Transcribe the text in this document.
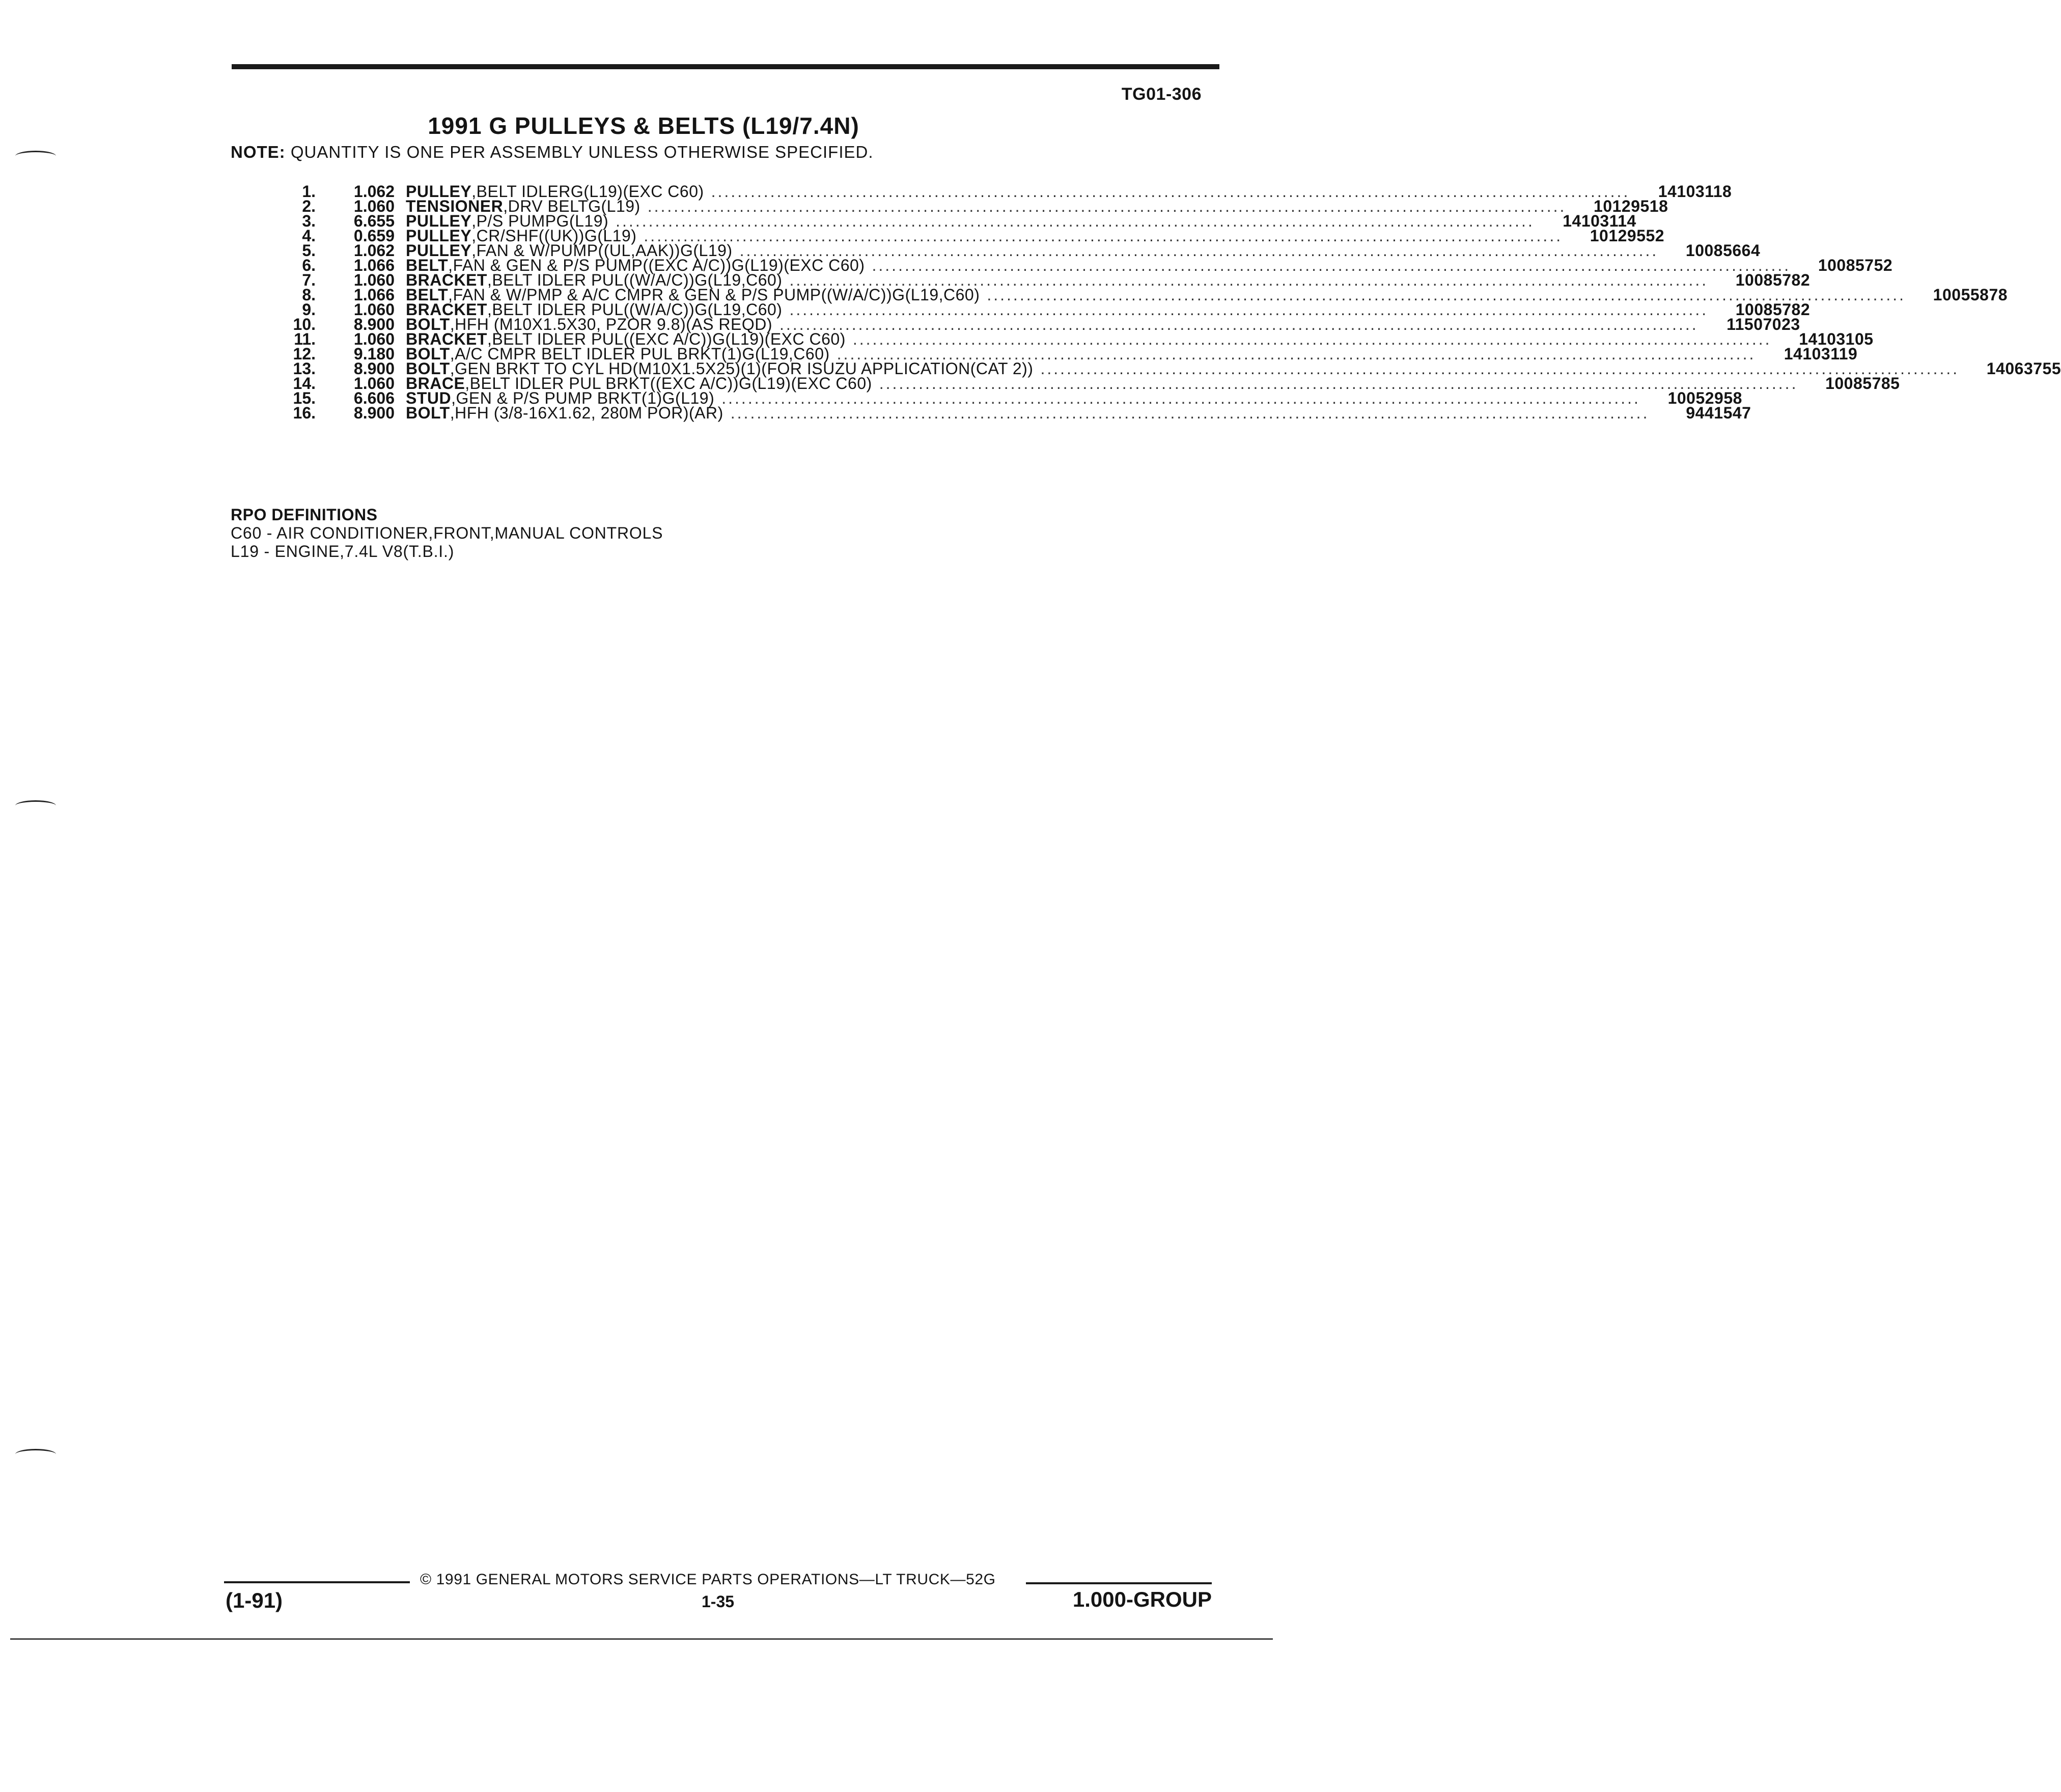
TG01-306
1991 G PULLEYS & BELTS (L19/7.4N)
NOTE: QUANTITY IS ONE PER ASSEMBLY UNLESS OTHERWISE SPECIFIED.
1.	1.062 PULLEY,BELT IDLERG(L19)(EXC C60) ............................................................................................................................................	14103118
2.	1.060 TENSIONER,DRV BELTG(L19) ............................................................................................................................................	10129518
3.	6.655 PULLEY,P/S PUMPG(L19) ............................................................................................................................................	14103114
4.	0.659 PULLEY,CR/SHF((UK))G(L19) ............................................................................................................................................	10129552
5.	1.062 PULLEY,FAN & W/PUMP((UL,AAK))G(L19) ............................................................................................................................................	10085664
6.	1.066 BELT,FAN & GEN & P/S PUMP((EXC A/C))G(L19)(EXC C60) ............................................................................................................................................	10085752
7.	1.060 BRACKET,BELT IDLER PUL((W/A/C))G(L19,C60) ............................................................................................................................................	10085782
8.	1.066 BELT,FAN & W/PMP & A/C CMPR & GEN & P/S PUMP((W/A/C))G(L19,C60) ............................................................................................................................................	10055878
9.	1.060 BRACKET,BELT IDLER PUL((W/A/C))G(L19,C60) ............................................................................................................................................	10085782
10.	8.900 BOLT,HFH (M10X1.5X30, PZOR 9.8)(AS REQD) ............................................................................................................................................	11507023
11.	1.060 BRACKET,BELT IDLER PUL((EXC A/C))G(L19)(EXC C60) ............................................................................................................................................	14103105
12.	9.180 BOLT,A/C CMPR BELT IDLER PUL BRKT(1)G(L19,C60) ............................................................................................................................................	14103119
13.	8.900 BOLT,GEN BRKT TO CYL HD(M10X1.5X25)(1)(FOR ISUZU APPLICATION(CAT 2)) ............................................................................................................................................	14063755
14.	1.060 BRACE,BELT IDLER PUL BRKT((EXC A/C))G(L19)(EXC C60) ............................................................................................................................................	10085785
15.	6.606 STUD,GEN & P/S PUMP BRKT(1)G(L19) ............................................................................................................................................	10052958
16.	8.900 BOLT,HFH (3/8-16X1.62, 280M POR)(AR) ............................................................................................................................................	9441547
RPO DEFINITIONS
C60 - AIR CONDITIONER,FRONT,MANUAL CONTROLS
L19 - ENGINE,7.4L V8(T.B.I.)
© 1991 GENERAL MOTORS SERVICE PARTS OPERATIONS—LT TRUCK—52G
(1-91)	1-35	1.000-GROUP
